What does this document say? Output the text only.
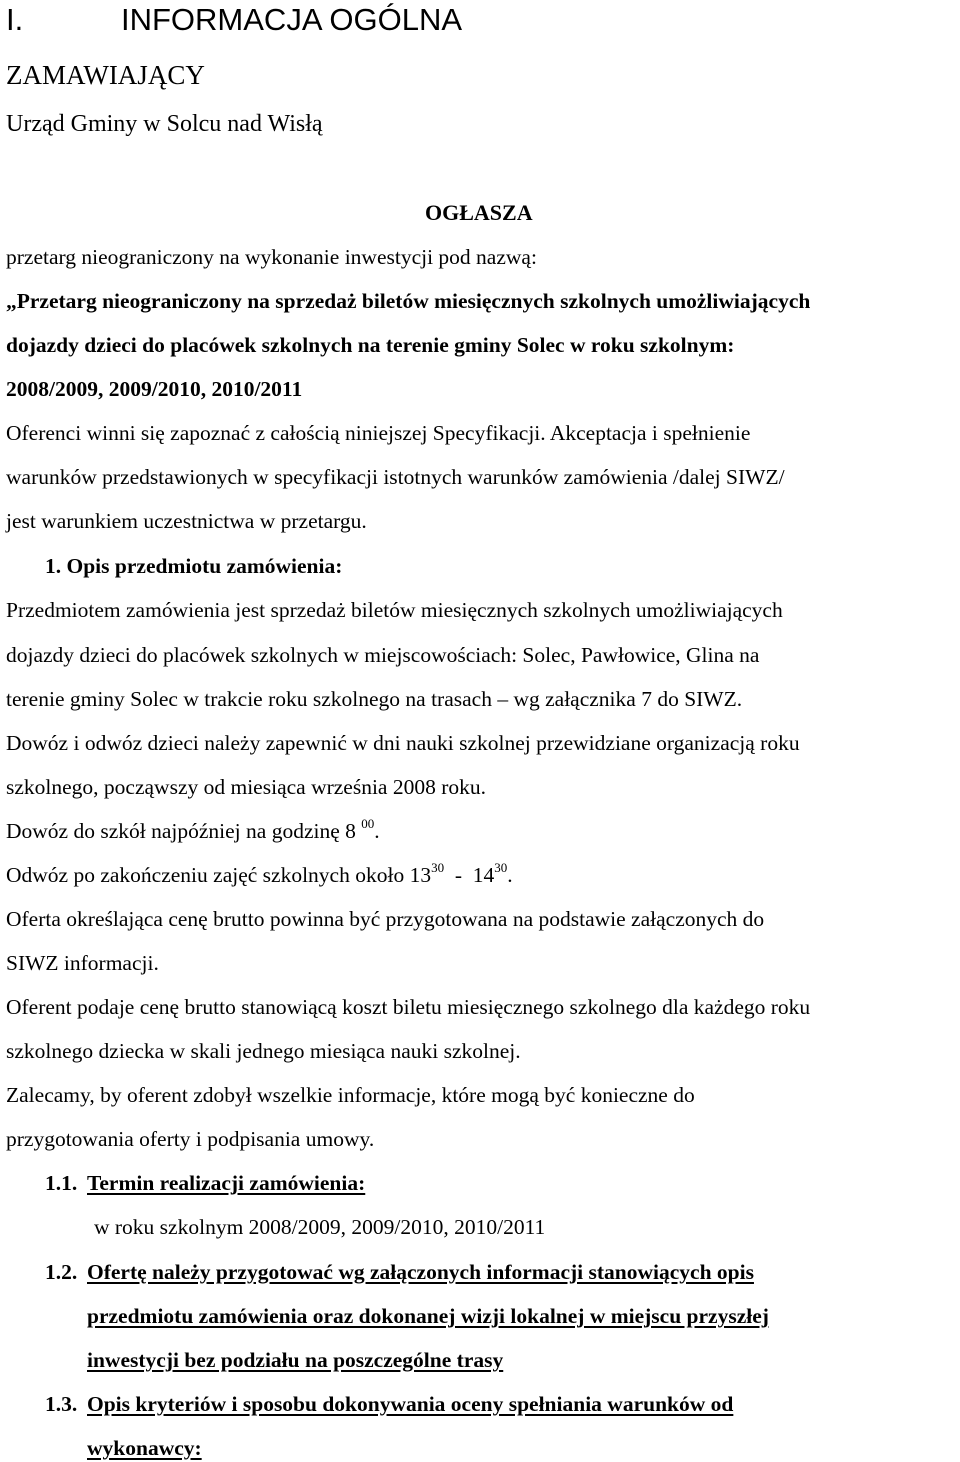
I.	INFORMACJA OGÓLNA
ZAMAWIAJĄCY
Urząd Gminy w Solcu nad Wisłą
OGŁASZA
przetarg nieograniczony na wykonanie inwestycji pod nazwą:
„Przetarg nieograniczony na sprzedaż biletów miesięcznych szkolnych umożliwiających
dojazdy dzieci do placówek szkolnych na terenie gminy Solec w roku szkolnym:
2008/2009, 2009/2010, 2010/2011
Oferenci winni się zapoznać z całością niniejszej Specyfikacji. Akceptacja i spełnienie
warunków przedstawionych w specyfikacji istotnych warunków zamówienia /dalej SIWZ/
jest warunkiem uczestnictwa w przetargu.
1. Opis przedmiotu zamówienia:
Przedmiotem zamówienia jest sprzedaż biletów miesięcznych szkolnych umożliwiających
dojazdy dzieci do placówek szkolnych w miejscowościach: Solec, Pawłowice, Glina na
terenie gminy Solec w trakcie roku szkolnego na trasach – wg załącznika 7 do SIWZ.
Dowóz i odwóz dzieci należy zapewnić w dni nauki szkolnej przewidziane organizacją roku
szkolnego, począwszy od miesiąca września 2008 roku.
Dowóz do szkół najpóźniej na godzinę 8 $^{00}$.
Odwóz po zakończeniu zajęć szkolnych około $13^{30} - 14^{30}$.
Oferta określająca cenę brutto powinna być przygotowana na podstawie załączonych do
SIWZ informacji.
Oferent podaje cenę brutto stanowiącą koszt biletu miesięcznego szkolnego dla każdego roku
szkolnego dziecka w skali jednego miesiąca nauki szkolnej.
Zalecamy, by oferent zdobył wszelkie informacje, które mogą być konieczne do
przygotowania oferty i podpisania umowy.
1.1. Termin realizacji zamówienia:
w roku szkolnym 2008/2009, 2009/2010, 2010/2011
1.2. Ofertę należy przygotować wg załączonych informacji stanowiących opis
przedmiotu zamówienia oraz dokonanej wizji lokalnej w miejscu przyszłej
inwestycji bez podziału na poszczególne trasy
1.3. Opis kryteriów i sposobu dokonywania oceny spełniania warunków od
wykonawcy:
